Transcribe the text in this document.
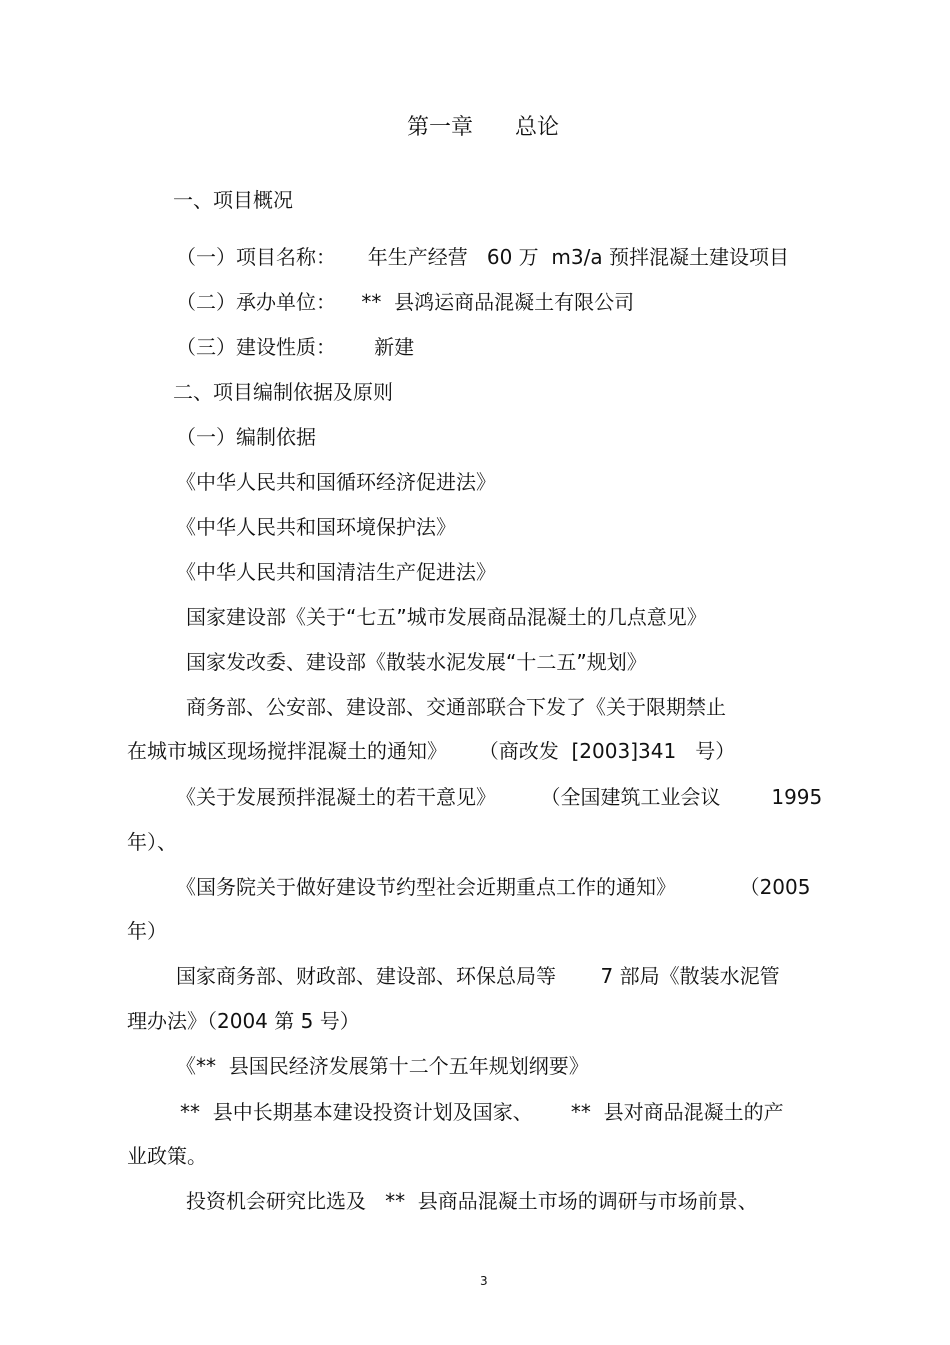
第一章      总论
一、项目概况
（一）项目名称：     年生产经营   60 万  m3/a 预拌混凝土建设项目
（二）承办单位：    **  县鸿运商品混凝土有限公司
（三）建设性质：      新建
二、项目编制依据及原则
（一）编制依据
《中华人民共和国循环经济促进法》
《中华人民共和国环境保护法》
《中华人民共和国清洁生产促进法》
国家建设部《关于“七五”城市发展商品混凝土的几点意见》
国家发改委、建设部《散装水泥发展“十二五”规划》
商务部、公安部、建设部、交通部联合下发了《关于限期禁止
在城市城区现场搅拌混凝土的通知》     （商改发  [2003]341   号）
《关于发展预拌混凝土的若干意见》       （全国建筑工业会议        1995
年）、
《国务院关于做好建设节约型社会近期重点工作的通知》          （2005
年）
国家商务部、财政部、建设部、环保总局等       7 部局《散装水泥管
理办法》（2004 第 5 号）
《**  县国民经济发展第十二个五年规划纲要》
**  县中长期基本建设投资计划及国家、      **  县对商品混凝土的产
业政策。
投资机会研究比选及   **  县商品混凝土市场的调研与市场前景、
3
